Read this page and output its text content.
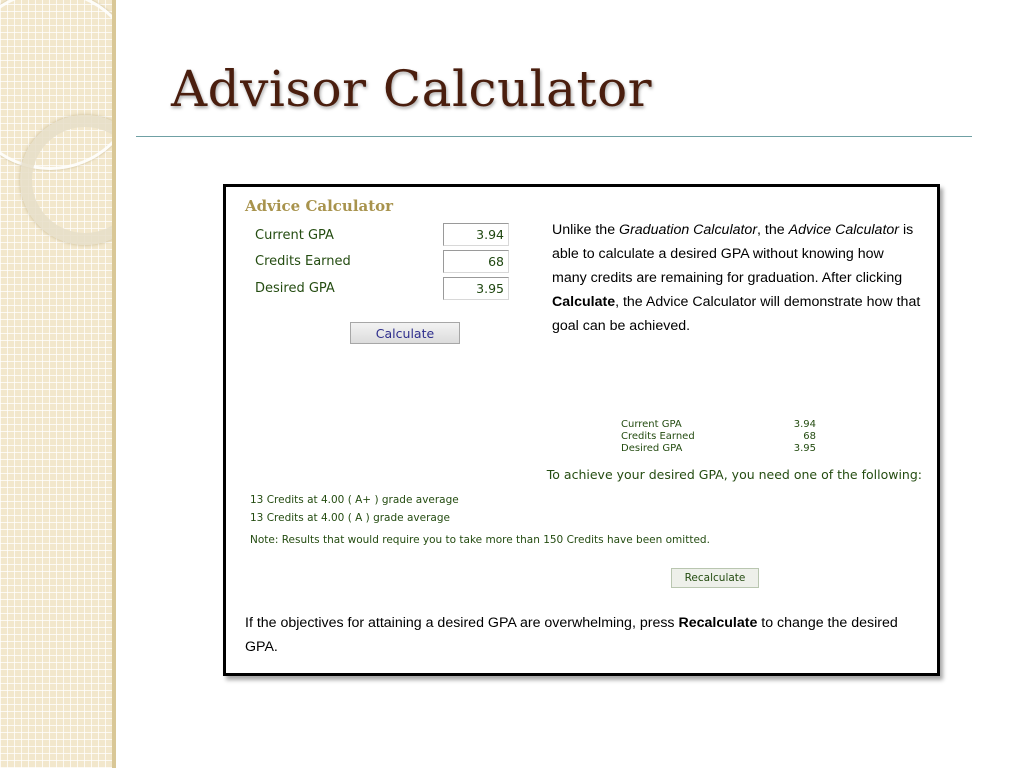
Advisor Calculator
Advice Calculator
Current GPA
3.94
Credits Earned
68
Desired GPA
3.95
Calculate

Unlike the Graduation Calculator, the Advice Calculator is able to calculate a desired GPA without knowing how many credits are remaining for graduation. After clicking Calculate, the Advice Calculator will demonstrate how that goal can be achieved.

Current GPA	3.94
Credits Earned	68
Desired GPA	3.95
To achieve your desired GPA, you need one of the following:
13 Credits at 4.00 ( A+ ) grade average
13 Credits at 4.00 ( A ) grade average
Note: Results that would require you to take more than 150 Credits have been omitted.
Recalculate

If the objectives for attaining a desired GPA are overwhelming, press Recalculate to change the desired GPA.
